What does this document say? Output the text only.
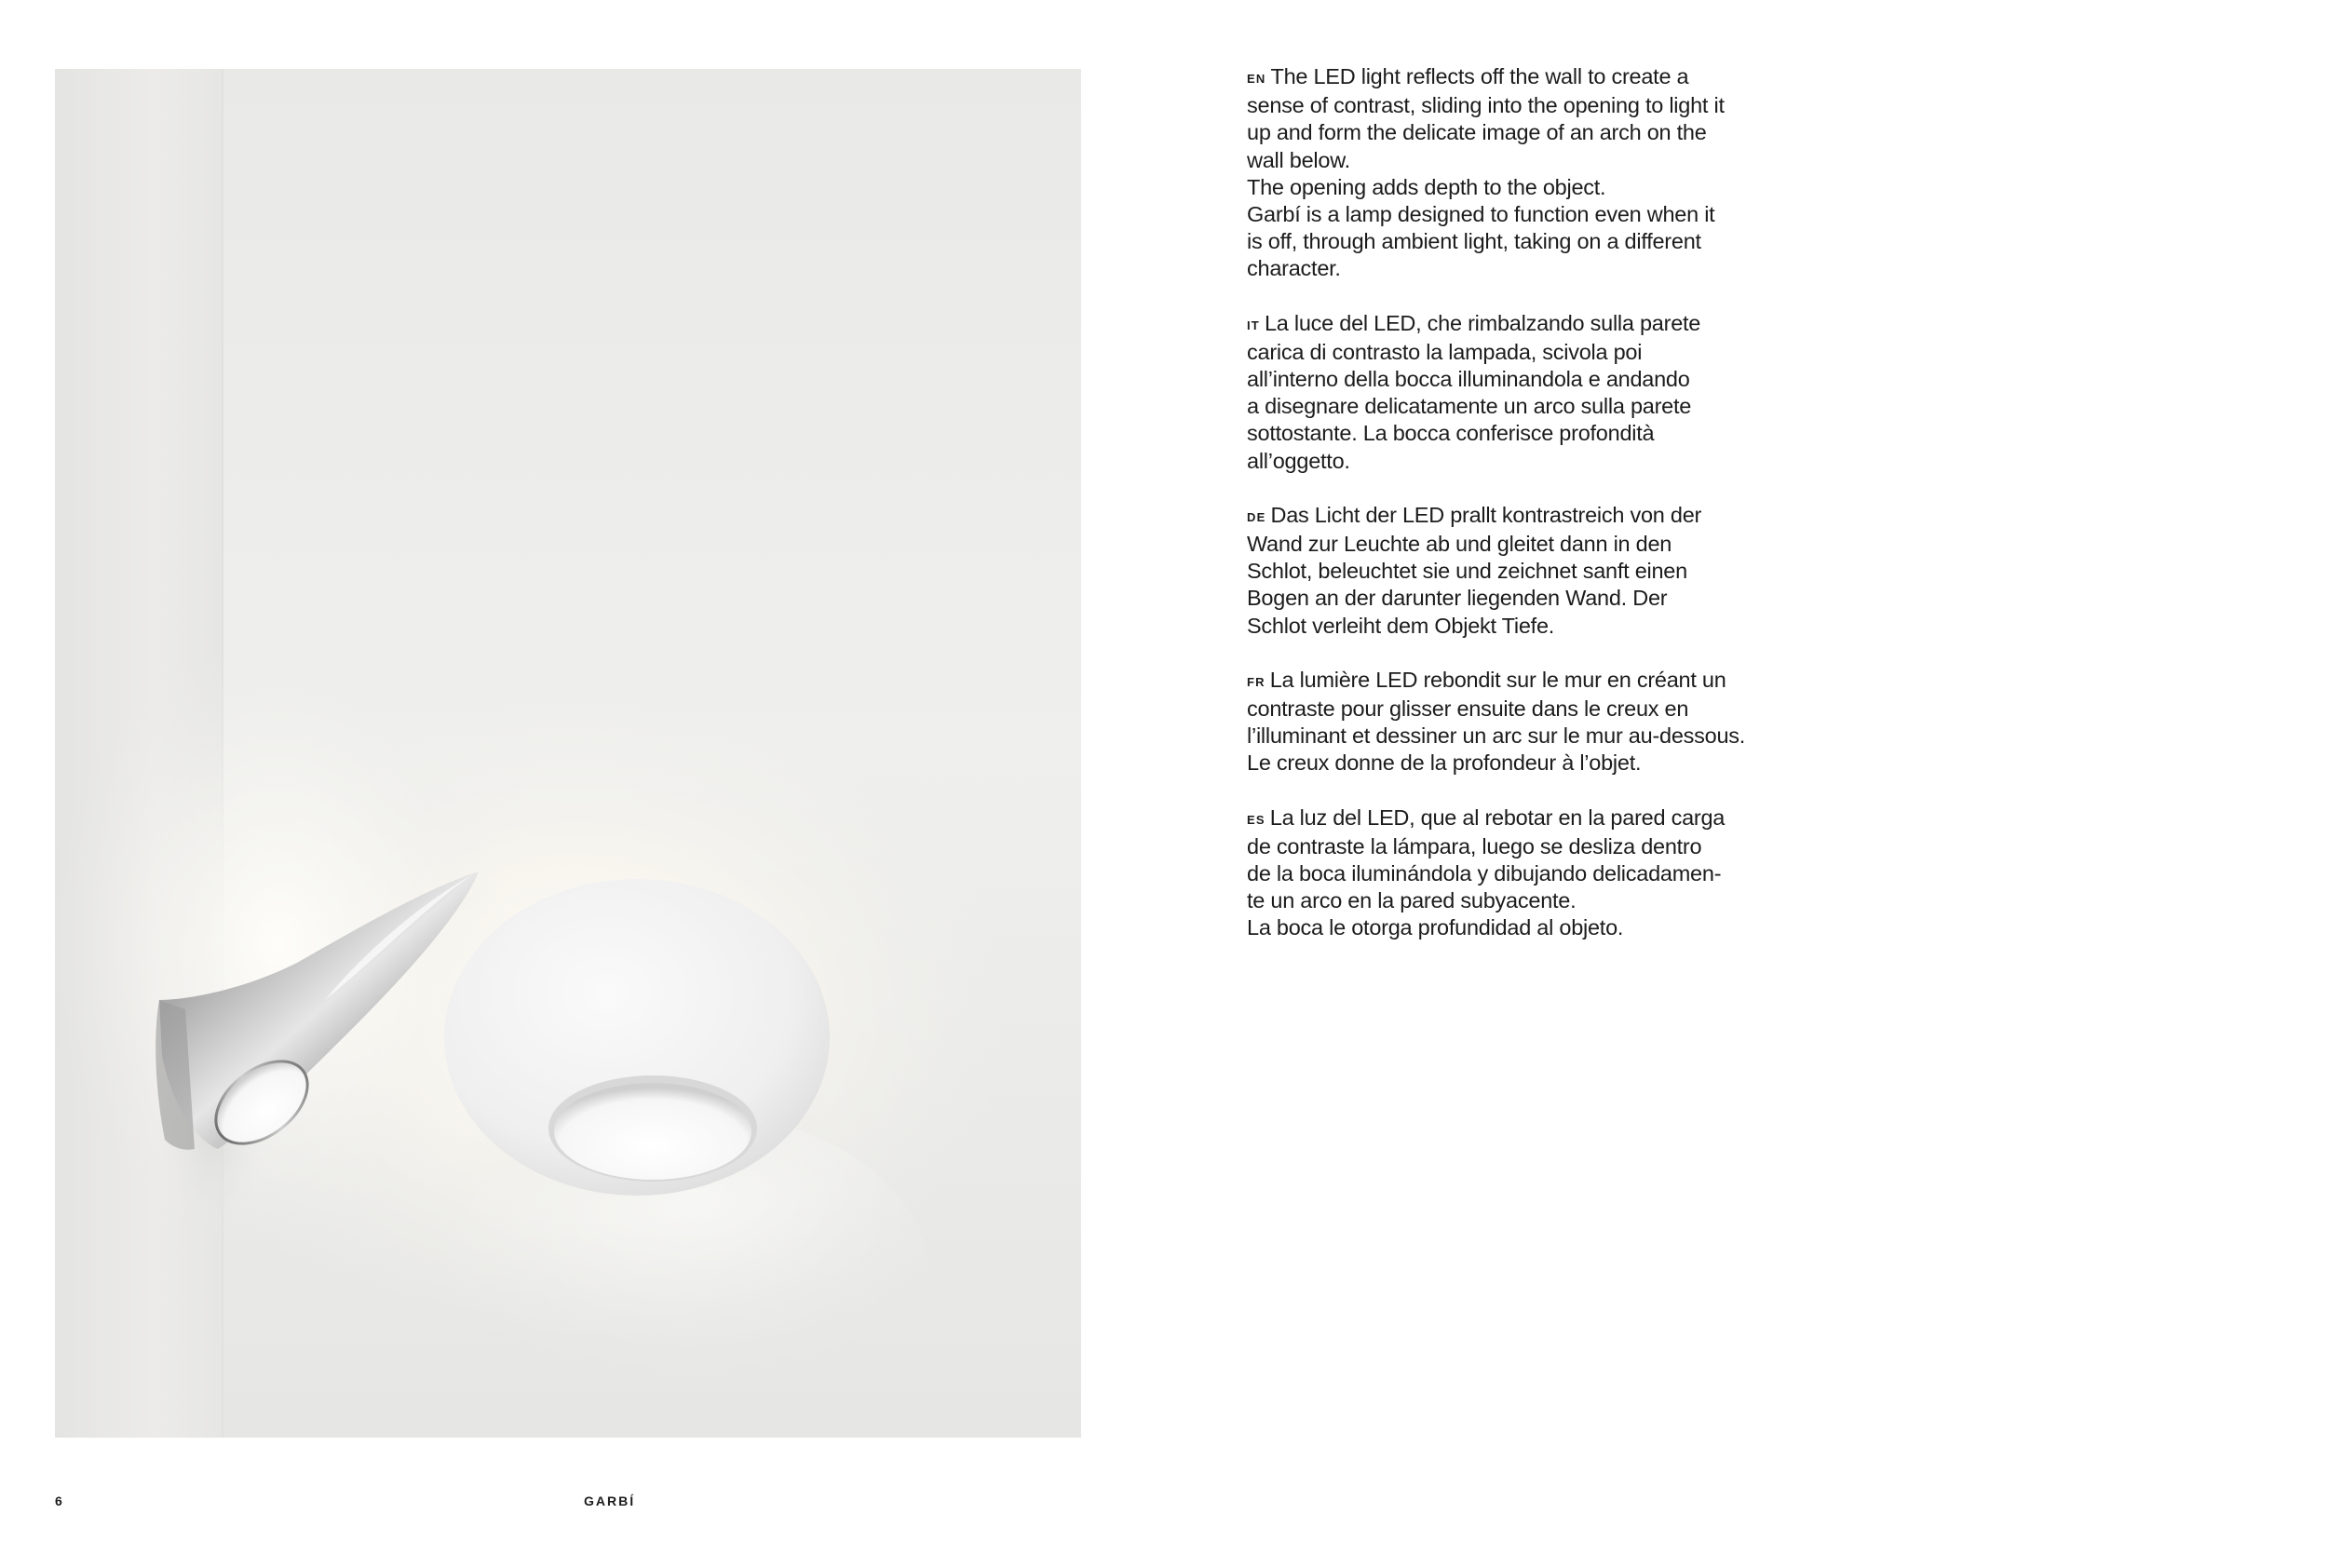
EN The LED light reflects off the wall to create a
sense of contrast, sliding into the opening to light it
up and form the delicate image of an arch on the
wall below.
The opening adds depth to the object.
Garbí is a lamp designed to function even when it
is off, through ambient light, taking on a different
character.
IT La luce del LED, che rimbalzando sulla parete
carica di contrasto la lampada, scivola poi
all’interno della bocca illuminandola e andando
a disegnare delicatamente un arco sulla parete
sottostante. La bocca conferisce profondità
all’oggetto.
DE Das Licht der LED prallt kontrastreich von der
Wand zur Leuchte ab und gleitet dann in den
Schlot, beleuchtet sie und zeichnet sanft einen
Bogen an der darunter liegenden Wand. Der
Schlot verleiht dem Objekt Tiefe.
FR La lumière LED rebondit sur le mur en créant un
contraste pour glisser ensuite dans le creux en
l’illuminant et dessiner un arc sur le mur au-dessous.
Le creux donne de la profondeur à l’objet.
ES La luz del LED, que al rebotar en la pared carga
de contraste la lámpara, luego se desliza dentro
de la boca iluminándola y dibujando delicadamen-
te un arco en la pared subyacente.
La boca le otorga profundidad al objeto.
6	GARBÍ
